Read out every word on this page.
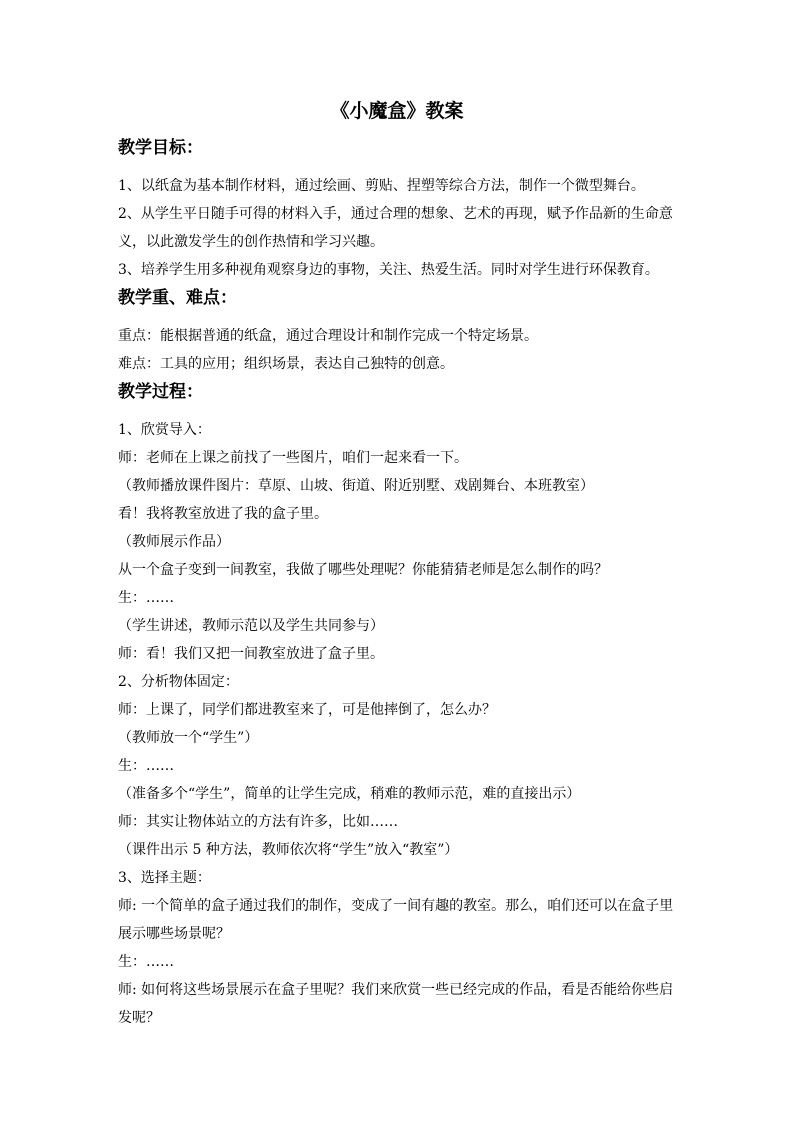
《小魔盒》教案
教学目标：

1、以纸盒为基本制作材料，通过绘画、剪贴、捏塑等综合方法，制作一个微型舞台。

2、从学生平日随手可得的材料入手，通过合理的想象、艺术的再现，赋予作品新的生命意义，以此激发学生的创作热情和学习兴趣。

3、培养学生用多种视角观察身边的事物，关注、热爱生活。同时对学生进行环保教育。

教学重、难点：

重点：能根据普通的纸盒，通过合理设计和制作完成一个特定场景。

难点：工具的应用；组织场景，表达自己独特的创意。

教学过程：

1、欣赏导入：

师：老师在上课之前找了一些图片，咱们一起来看一下。

（教师播放课件图片：草原、山坡、街道、附近别墅、戏剧舞台、本班教室）

看！我将教室放进了我的盒子里。

（教师展示作品）

从一个盒子变到一间教室，我做了哪些处理呢？你能猜猜老师是怎么制作的吗？

生：……

（学生讲述，教师示范以及学生共同参与）

师：看！我们又把一间教室放进了盒子里。

2、分析物体固定：

师：上课了，同学们都进教室来了，可是他摔倒了，怎么办？

（教师放一个“学生”）

生：……

（准备多个“学生”，简单的让学生完成，稍难的教师示范，难的直接出示）

师：其实让物体站立的方法有许多，比如……

（课件出示 5 种方法，教师依次将“学生”放入“教室”）

3、选择主题：

师: 一个简单的盒子通过我们的制作，变成了一间有趣的教室。那么，咱们还可以在盒子里展示哪些场景呢？

生：……

师: 如何将这些场景展示在盒子里呢？我们来欣赏一些已经完成的作品，看是否能给你些启发呢？
